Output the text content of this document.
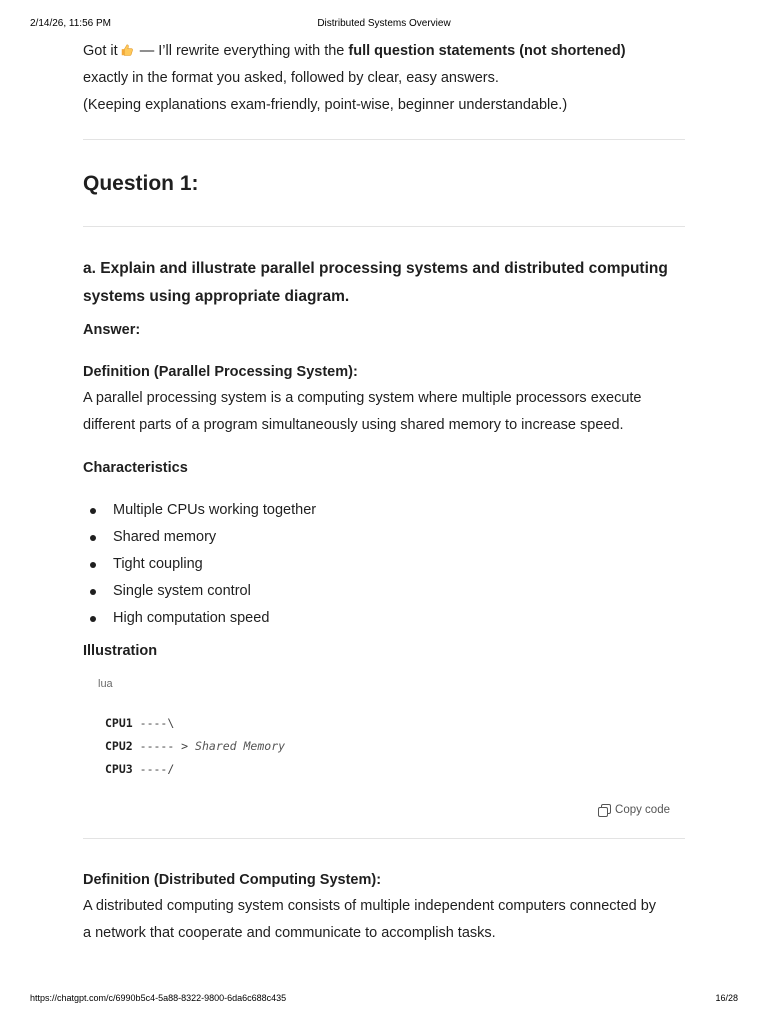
2/14/26, 11:56 PM	Distributed Systems Overview

Got it — I’ll rewrite everything with the full question statements (not shortened)

exactly in the format you asked, followed by clear, easy answers.

(Keeping explanations exam-friendly, point-wise, beginner understandable.)

Question 1:

a. Explain and illustrate parallel processing systems and distributed computing

systems using appropriate diagram.

Answer:

Definition (Parallel Processing System):

A parallel processing system is a computing system where multiple processors execute

different parts of a program simultaneously using shared memory to increase speed.

Characteristics

Multiple CPUs working together
Shared memory
Tight coupling
Single system control
High computation speed

Illustration

lua
CPU1 ----\
CPU2 ----- > Shared Memory
CPU3 ----/
Copy code

Definition (Distributed Computing System):

A distributed computing system consists of multiple independent computers connected by

a network that cooperate and communicate to accomplish tasks.

https://chatgpt.com/c/6990b5c4-5a88-8322-9800-6da6c688c435	16/28
